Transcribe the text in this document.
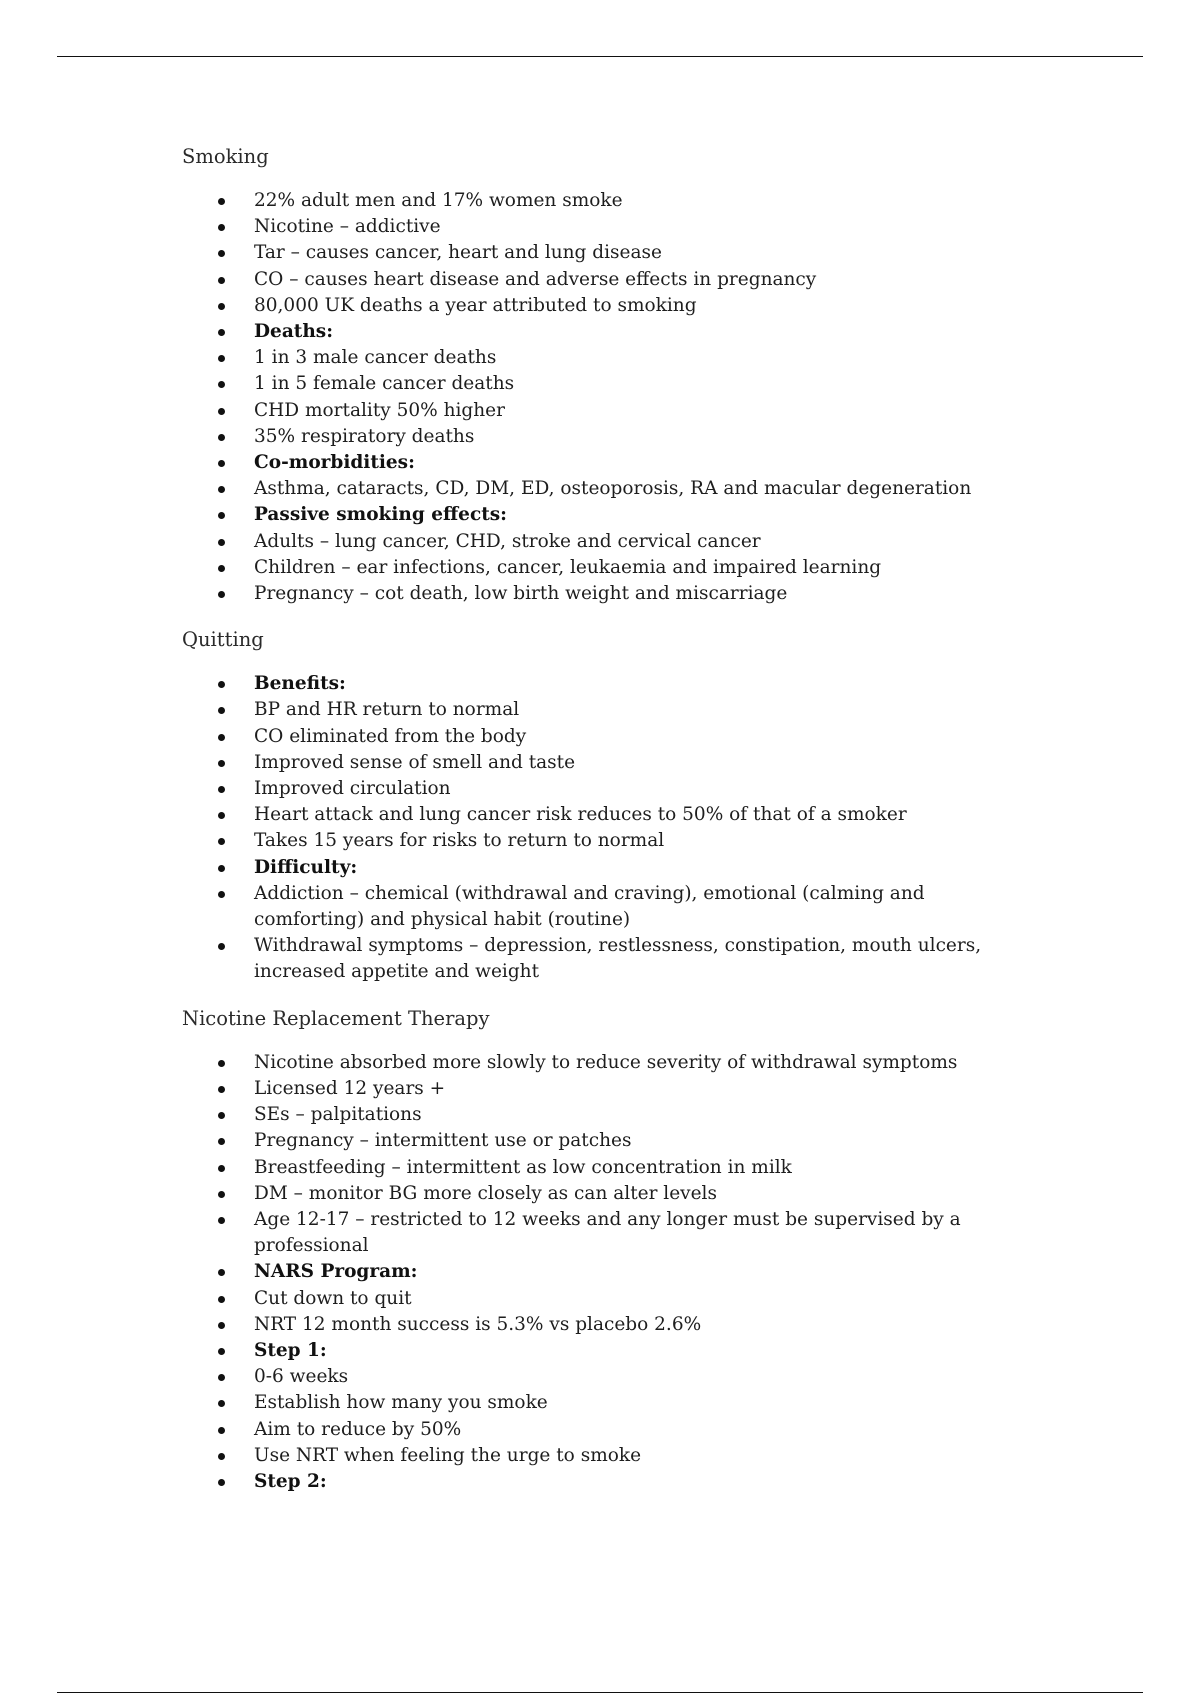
Smoking
22% adult men and 17% women smoke
Nicotine – addictive
Tar – causes cancer, heart and lung disease
CO – causes heart disease and adverse effects in pregnancy
80,000 UK deaths a year attributed to smoking
Deaths:
1 in 3 male cancer deaths
1 in 5 female cancer deaths
CHD mortality 50% higher
35% respiratory deaths
Co-morbidities:
Asthma, cataracts, CD, DM, ED, osteoporosis, RA and macular degeneration
Passive smoking effects:
Adults – lung cancer, CHD, stroke and cervical cancer
Children – ear infections, cancer, leukaemia and impaired learning
Pregnancy – cot death, low birth weight and miscarriage
Quitting
Benefits:
BP and HR return to normal
CO eliminated from the body
Improved sense of smell and taste
Improved circulation
Heart attack and lung cancer risk reduces to 50% of that of a smoker
Takes 15 years for risks to return to normal
Difficulty:
Addiction – chemical (withdrawal and craving), emotional (calming and comforting) and physical habit (routine)
Withdrawal symptoms – depression, restlessness, constipation, mouth ulcers, increased appetite and weight
Nicotine Replacement Therapy
Nicotine absorbed more slowly to reduce severity of withdrawal symptoms
Licensed 12 years +
SEs – palpitations
Pregnancy – intermittent use or patches
Breastfeeding – intermittent as low concentration in milk
DM – monitor BG more closely as can alter levels
Age 12-17 – restricted to 12 weeks and any longer must be supervised by a professional
NARS Program:
Cut down to quit
NRT 12 month success is 5.3% vs placebo 2.6%
Step 1:
0-6 weeks
Establish how many you smoke
Aim to reduce by 50%
Use NRT when feeling the urge to smoke
Step 2:
